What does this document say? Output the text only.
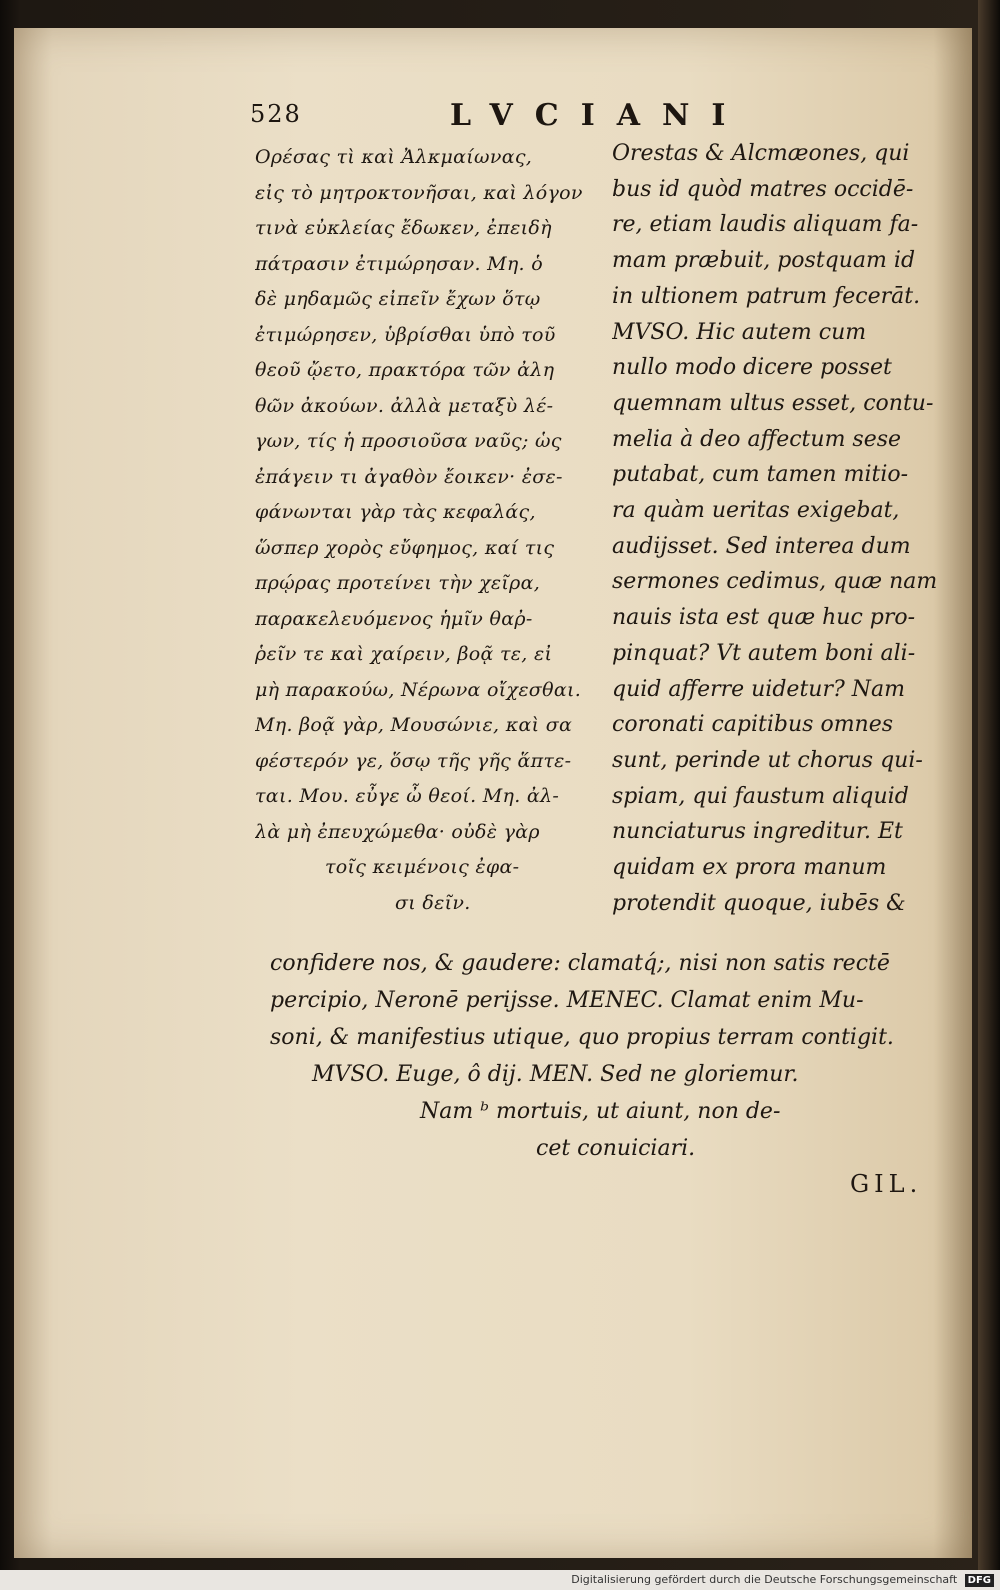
528	LVCIANI
Ορέσας τὶ καὶ Ἀλκμαίωνας,
εἰς τὸ μητροκτονῆσαι, καὶ λόγον
τινὰ εὐκλείας ἔδωκεν, ἐπειδὴ
πάτρασιν ἐτιμώρησαν. Μη. ὁ
δὲ μηδαμῶς εἰπεῖν ἔχων ὅτῳ
ἐτιμώρησεν, ὑβρίσθαι ὑπὸ τοῦ
θεοῦ ᾤετο, πρακτόρα τῶν ἀλη
θῶν ἀκούων. ἀλλὰ μεταξὺ λέ-
γων, τίς ἡ προσιοῦσα ναῦς; ὡς
ἐπάγειν τι ἀγαθὸν ἔοικεν· ἐσε-
φάνωνται γὰρ τὰς κεφαλάς,
ὥσπερ χορὸς εὔφημος, καί τις
πρῴρας προτείνει τὴν χεῖρα,
παρακελευόμενος ἡμῖν θαῤ-
ῥεῖν τε καὶ χαίρειν, βοᾷ τε, εἰ
μὴ παρακούω, Νέρωνα οἴχεσθαι.
Μη. βοᾷ γὰρ, Μουσώνιε, καὶ σα
φέστερόν γε, ὅσῳ τῆς γῆς ἅπτε-
ται. Μου. εὖγε ὦ θεοί. Μη. ἀλ-
λὰ μὴ ἐπευχώμεθα· οὐδὲ γὰρ
τοῖς κειμένοις ἐφα-
σι δεῖν.
Orestas & Alcmæones, qui
bus id quòd matres occidē-
re, etiam laudis aliquam fa-
mam præbuit, postquam id
in ultionem patrum fecerāt.
MVSO. Hic autem cum
nullo modo dicere posset
quemnam ultus esset, contu-
melia à deo affectum sese
putabat, cum tamen mitio-
ra quàm ueritas exigebat,
audijsset. Sed interea dum
sermones cedimus, quæ nam
nauis ista est quæ huc pro-
pinquat? Vt autem boni ali-
quid afferre uidetur? Nam
coronati capitibus omnes
sunt, perinde ut chorus qui-
spiam, qui faustum aliquid
nunciaturus ingreditur. Et
quidam ex prora manum
protendit quoque, iubēs &
confidere nos, & gaudere: clamatq́;, nisi non satis rectē
percipio, Neronē perijsse. MENEC. Clamat enim Mu-
soni, & manifestius utique, quo propius terram contigit.
MVSO. Euge, ô dij. MEN. Sed ne gloriemur.
Nam ᵇ mortuis, ut aiunt, non de-
cet conuiciari.
GIL.
Digitalisierung gefördert durch die Deutsche Forschungsgemeinschaft DFG
